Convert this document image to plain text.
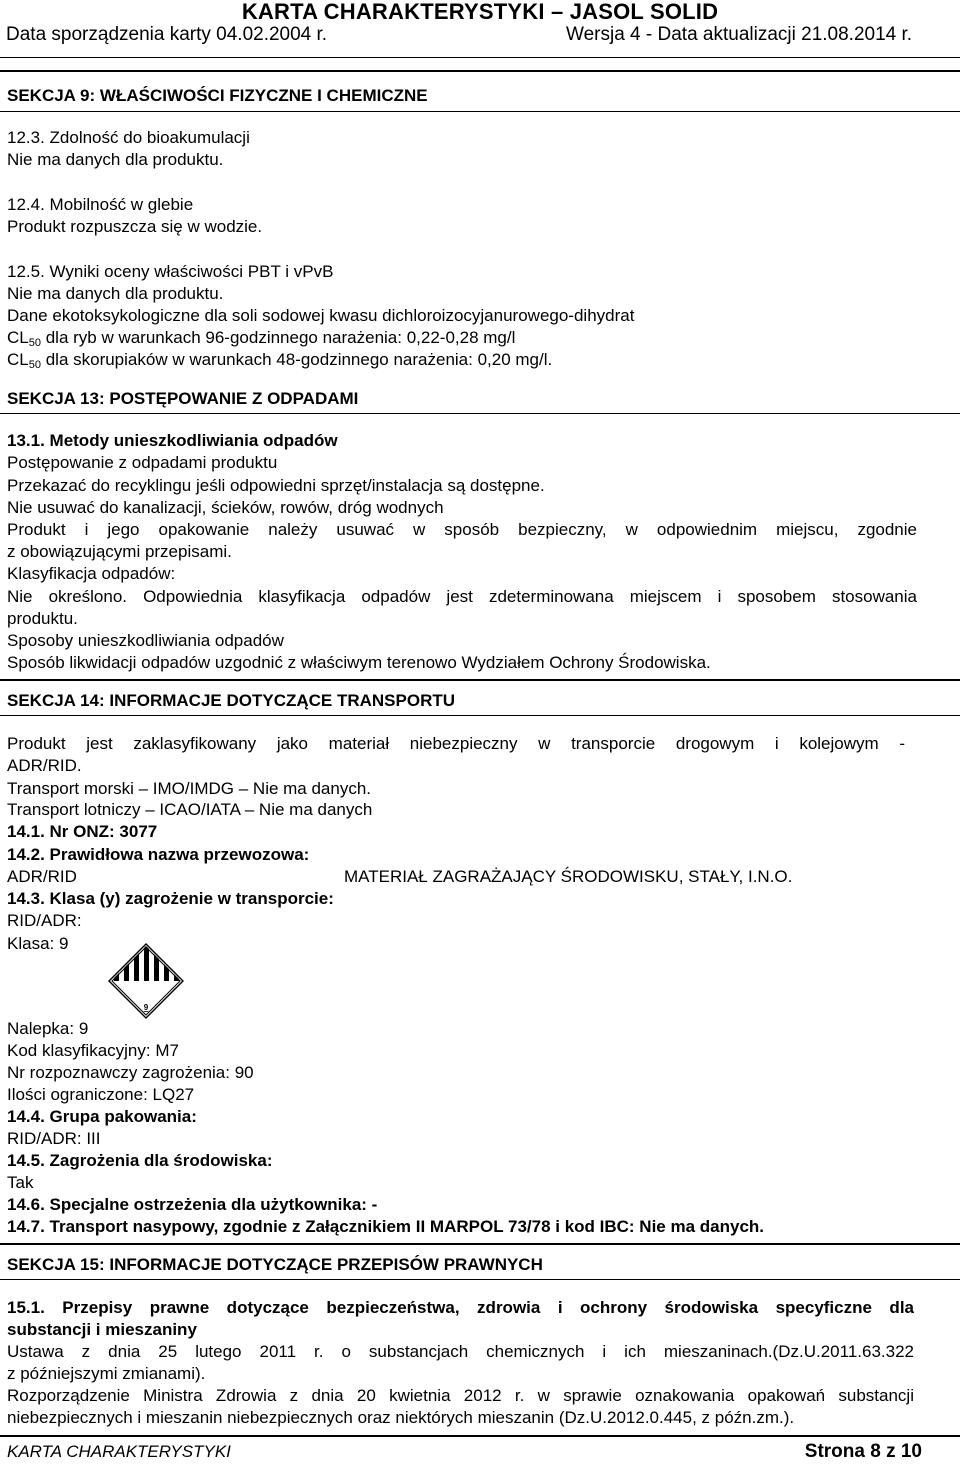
KARTA CHARAKTERYSTYKI – JASOL SOLID
Data sporządzenia karty 04.02.2004 r.	Wersja 4 - Data aktualizacji 21.08.2014 r.
SEKCJA 9: WŁAŚCIWOŚCI FIZYCZNE I CHEMICZNE
12.3. Zdolność do bioakumulacji
Nie ma danych dla produktu.
12.4. Mobilność w glebie
Produkt rozpuszcza się w wodzie.
12.5. Wyniki oceny właściwości PBT i vPvB
Nie ma danych dla produktu.
Dane ekotoksykologiczne dla soli sodowej kwasu dichloroizocyjanurowego-dihydrat
CL50 dla ryb w warunkach 96-godzinnego narażenia: 0,22-0,28 mg/l
CL50 dla skorupiaków w warunkach 48-godzinnego narażenia: 0,20 mg/l.
SEKCJA 13: POSTĘPOWANIE Z ODPADAMI
13.1. Metody unieszkodliwiania odpadów
Postępowanie z odpadami produktu
Przekazać do recyklingu jeśli odpowiedni sprzęt/instalacja są dostępne.
Nie usuwać do kanalizacji, ścieków, rowów, dróg wodnych
Produkt i jego opakowanie należy usuwać w sposób bezpieczny, w odpowiednim miejscu, zgodnie
z obowiązującymi przepisami.
Klasyfikacja odpadów:
Nie określono. Odpowiednia klasyfikacja odpadów jest zdeterminowana miejscem i sposobem stosowania
produktu.
Sposoby unieszkodliwiania odpadów
Sposób likwidacji odpadów uzgodnić z właściwym terenowo Wydziałem Ochrony Środowiska.
SEKCJA 14: INFORMACJE DOTYCZĄCE TRANSPORTU
Produkt jest zaklasyfikowany jako materiał niebezpieczny w transporcie drogowym i kolejowym -
ADR/RID.
Transport morski – IMO/IMDG – Nie ma danych.
Transport lotniczy – ICAO/IATA – Nie ma danych
14.1. Nr ONZ: 3077
14.2. Prawidłowa nazwa przewozowa:
ADR/RID	MATERIAŁ ZAGRAŻAJĄCY ŚRODOWISKU, STAŁY, I.N.O.
14.3. Klasa (y) zagrożenie w transporcie:
RID/ADR:
Klasa: 9
9
Nalepka: 9
Kod klasyfikacyjny: M7
Nr rozpoznawczy zagrożenia: 90
Ilości ograniczone: LQ27
14.4. Grupa pakowania:
RID/ADR: III
14.5. Zagrożenia dla środowiska:
Tak
14.6. Specjalne ostrzeżenia dla użytkownika: -
14.7. Transport nasypowy, zgodnie z Załącznikiem II MARPOL 73/78 i kod IBC: Nie ma danych.
SEKCJA 15: INFORMACJE DOTYCZĄCE PRZEPISÓW PRAWNYCH
15.1. Przepisy prawne dotyczące bezpieczeństwa, zdrowia i ochrony środowiska specyficzne dla
substancji i mieszaniny
Ustawa z dnia 25 lutego 2011 r. o substancjach chemicznych i ich mieszaninach.(Dz.U.2011.63.322
z późniejszymi zmianami).
Rozporządzenie Ministra Zdrowia z dnia 20 kwietnia 2012 r. w sprawie oznakowania opakowań substancji
niebezpiecznych i mieszanin niebezpiecznych oraz niektórych mieszanin (Dz.U.2012.0.445, z późn.zm.).
KARTA CHARAKTERYSTYKI	Strona 8 z 10
